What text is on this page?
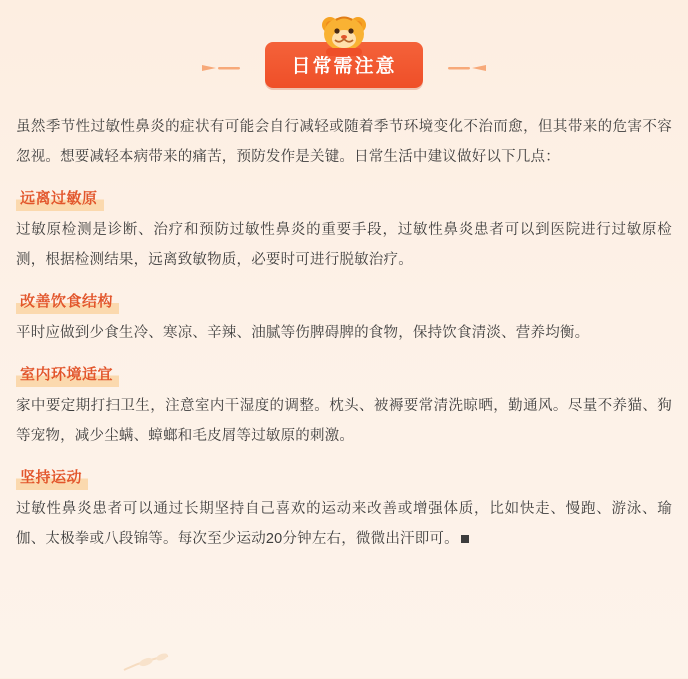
日常需注意

虽然季节性过敏性鼻炎的症状有可能会自行减轻或随着季节环境变化不治而愈，但其带来的危害不容忽视。想要减轻本病带来的痛苦，预防发作是关键。日常生活中建议做好以下几点：

远离过敏原
过敏原检测是诊断、治疗和预防过敏性鼻炎的重要手段，过敏性鼻炎患者可以到医院进行过敏原检测，根据检测结果，远离致敏物质，必要时可进行脱敏治疗。
改善饮食结构
平时应做到少食生冷、寒凉、辛辣、油腻等伤脾碍脾的食物，保持饮食清淡、营养均衡。
室内环境适宜
家中要定期打扫卫生，注意室内干湿度的调整。枕头、被褥要常清洗晾晒，勤通风。尽量不养猫、狗等宠物，减少尘螨、蟑螂和毛皮屑等过敏原的刺激。
坚持运动
过敏性鼻炎患者可以通过长期坚持自己喜欢的运动来改善或增强体质，比如快走、慢跑、游泳、瑜伽、太极拳或八段锦等。每次至少运动20分钟左右，微微出汗即可。
